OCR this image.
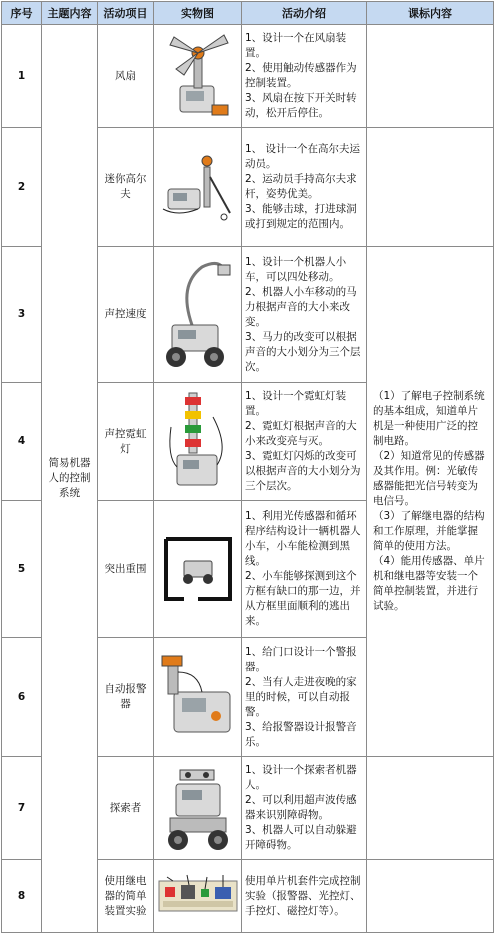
序号	主题内容	活动项目	实物图	活动介绍	课标内容	
1	简易机器人的控制系统	风扇		1、设计一个在风扇装置。
2、使用触动传感器作为控制装置。
3、风扇在按下开关时转动，松开后停住。		

2		迷你高尔夫		1、 设计一个在高尔夫运动员。
2、运动员手持高尔夫求杆，姿势优美。
3、能够击球，打进球洞或打到规定的范围内。		

3		声控速度		1、设计一个机器人小车，可以四处移动。
2、机器人小车移动的马力根据声音的大小来改变。
3、马力的改变可以根据声音的大小划分为三个层次。	（1）了解电子控制系统的基本组成，知道单片机是一种使用广泛的控制电路。
（2）知道常见的传感器及其作用。例：光敏传感器能把光信号转变为电信号。
（3）了解继电器的结构和工作原理，并能掌握简单的使用方法。
（4）能用传感器、单片机和继电器等安装一个简单控制装置，并进行试验。	

4		声控霓虹灯		1、设计一个霓虹灯装置。
2、霓虹灯根据声音的大小来改变亮与灭。
3、霓虹灯闪烁的改变可以根据声音的大小划分为三个层次。		

5		突出重围		1、利用光传感器和循环程序结构设计一辆机器人小车，小车能检测到黑线。
2、小车能够探测到这个方框有缺口的那一边，并从方框里面顺利的逃出来。		

6		自动报警器		1、给门口设计一个警报器。
2、当有人走进夜晚的家里的时候，可以自动报警。
3、给报警器设计报警音乐。		

7		探索者		1、设计一个探索者机器人。
2、可以利用超声波传感器来识别障碍物。
3、机器人可以自动躲避开障碍物。		

8		使用继电器的简单装置实验		使用单片机套件完成控制实验（报警器、光控灯、手控灯、磁控灯等）。		
